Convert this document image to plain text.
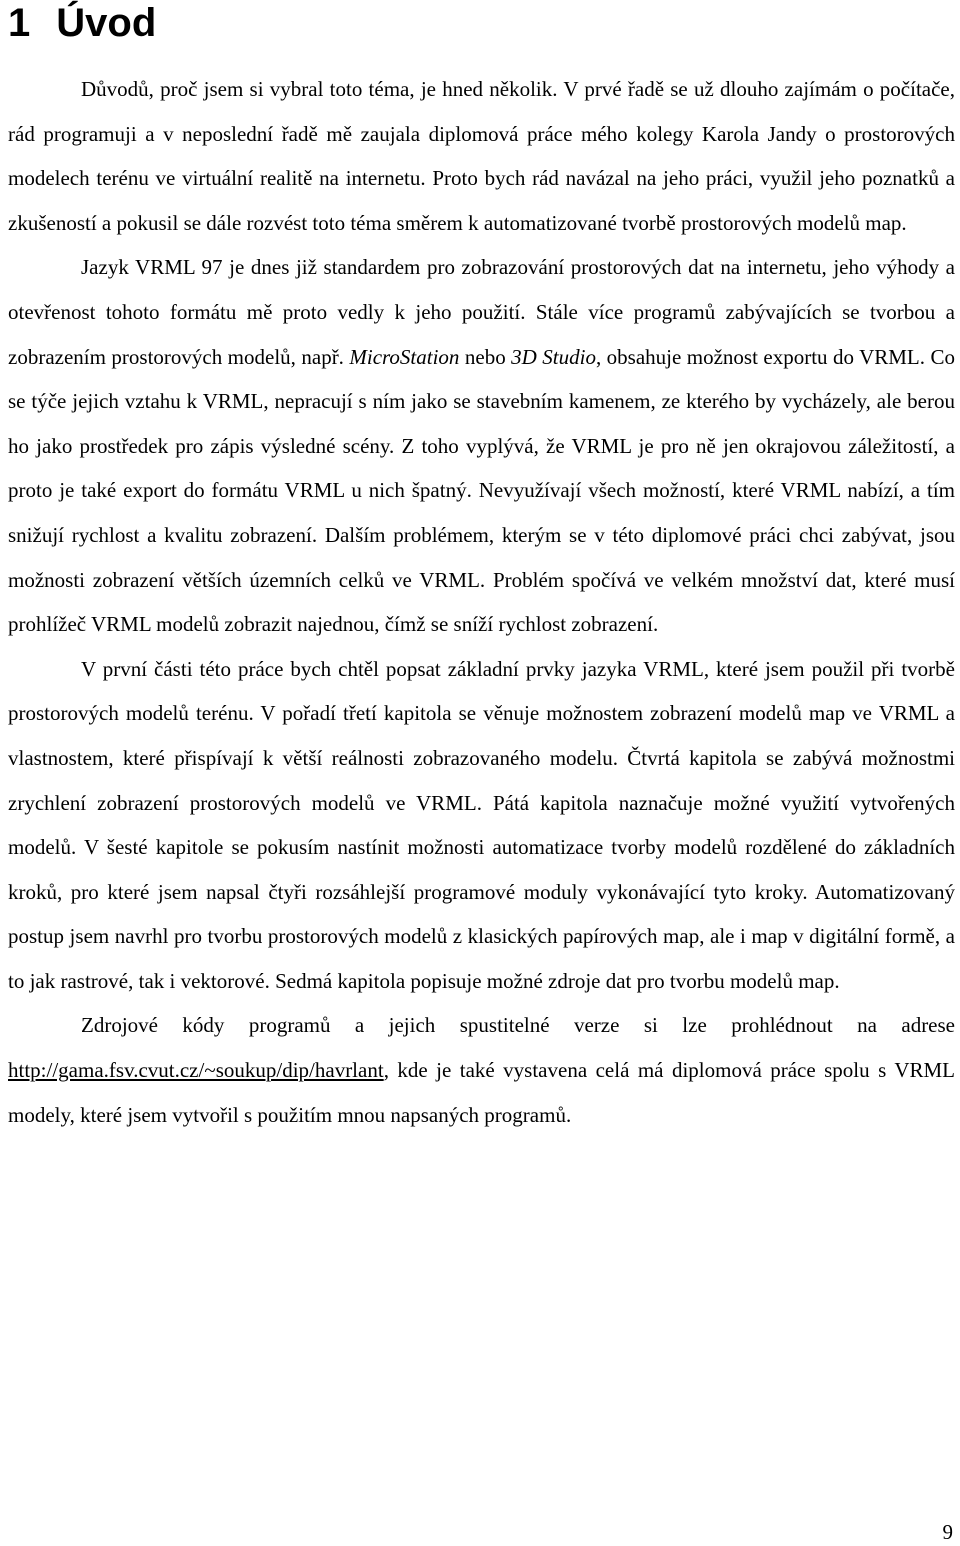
1 Úvod

Důvodů, proč jsem si vybral toto téma, je hned několik. V prvé řadě se už dlouho zajímám o počítače, rád programuji a v neposlední řadě mě zaujala diplomová práce mého kolegy Karola Jandy o prostorových modelech terénu ve virtuální realitě na internetu. Proto bych rád navázal na jeho práci, využil jeho poznatků a zkušeností a pokusil se dále rozvést toto téma směrem k automatizované tvorbě prostorových modelů map.

Jazyk VRML 97 je dnes již standardem pro zobrazování prostorových dat na internetu, jeho výhody a otevřenost tohoto formátu mě proto vedly k jeho použití. Stále více programů zabývajících se tvorbou a zobrazením prostorových modelů, např. MicroStation nebo 3D Studio, obsahuje možnost exportu do VRML. Co se týče jejich vztahu k VRML, nepracují s ním jako se stavebním kamenem, ze kterého by vycházely, ale berou ho jako prostředek pro zápis výsledné scény. Z toho vyplývá, že VRML je pro ně jen okrajovou záležitostí, a proto je také export do formátu VRML u nich špatný. Nevyužívají všech možností, které VRML nabízí, a tím snižují rychlost a kvalitu zobrazení. Dalším problémem, kterým se v této diplomové práci chci zabývat, jsou možnosti zobrazení větších územních celků ve VRML. Problém spočívá ve velkém množství dat, které musí prohlížeč VRML modelů zobrazit najednou, čímž se sníží rychlost zobrazení.

V první části této práce bych chtěl popsat základní prvky jazyka VRML, které jsem použil při tvorbě prostorových modelů terénu. V pořadí třetí kapitola se věnuje možnostem zobrazení modelů map ve VRML a vlastnostem, které přispívají k větší reálnosti zobrazovaného modelu. Čtvrtá kapitola se zabývá možnostmi zrychlení zobrazení prostorových modelů ve VRML. Pátá kapitola naznačuje možné využití vytvořených modelů. V šesté kapitole se pokusím nastínit možnosti automatizace tvorby modelů rozdělené do základních kroků, pro které jsem napsal čtyři rozsáhlejší programové moduly vykonávající tyto kroky. Automatizovaný postup jsem navrhl pro tvorbu prostorových modelů z klasických papírových map, ale i map v digitální formě, a to jak rastrové, tak i vektorové. Sedmá kapitola popisuje možné zdroje dat pro tvorbu modelů map.

Zdrojové kódy programů a jejich spustitelné verze si lze prohlédnout na adrese http://gama.fsv.cvut.cz/~soukup/dip/havrlant, kde je také vystavena celá má diplomová práce spolu s VRML modely, které jsem vytvořil s použitím mnou napsaných programů.

9
